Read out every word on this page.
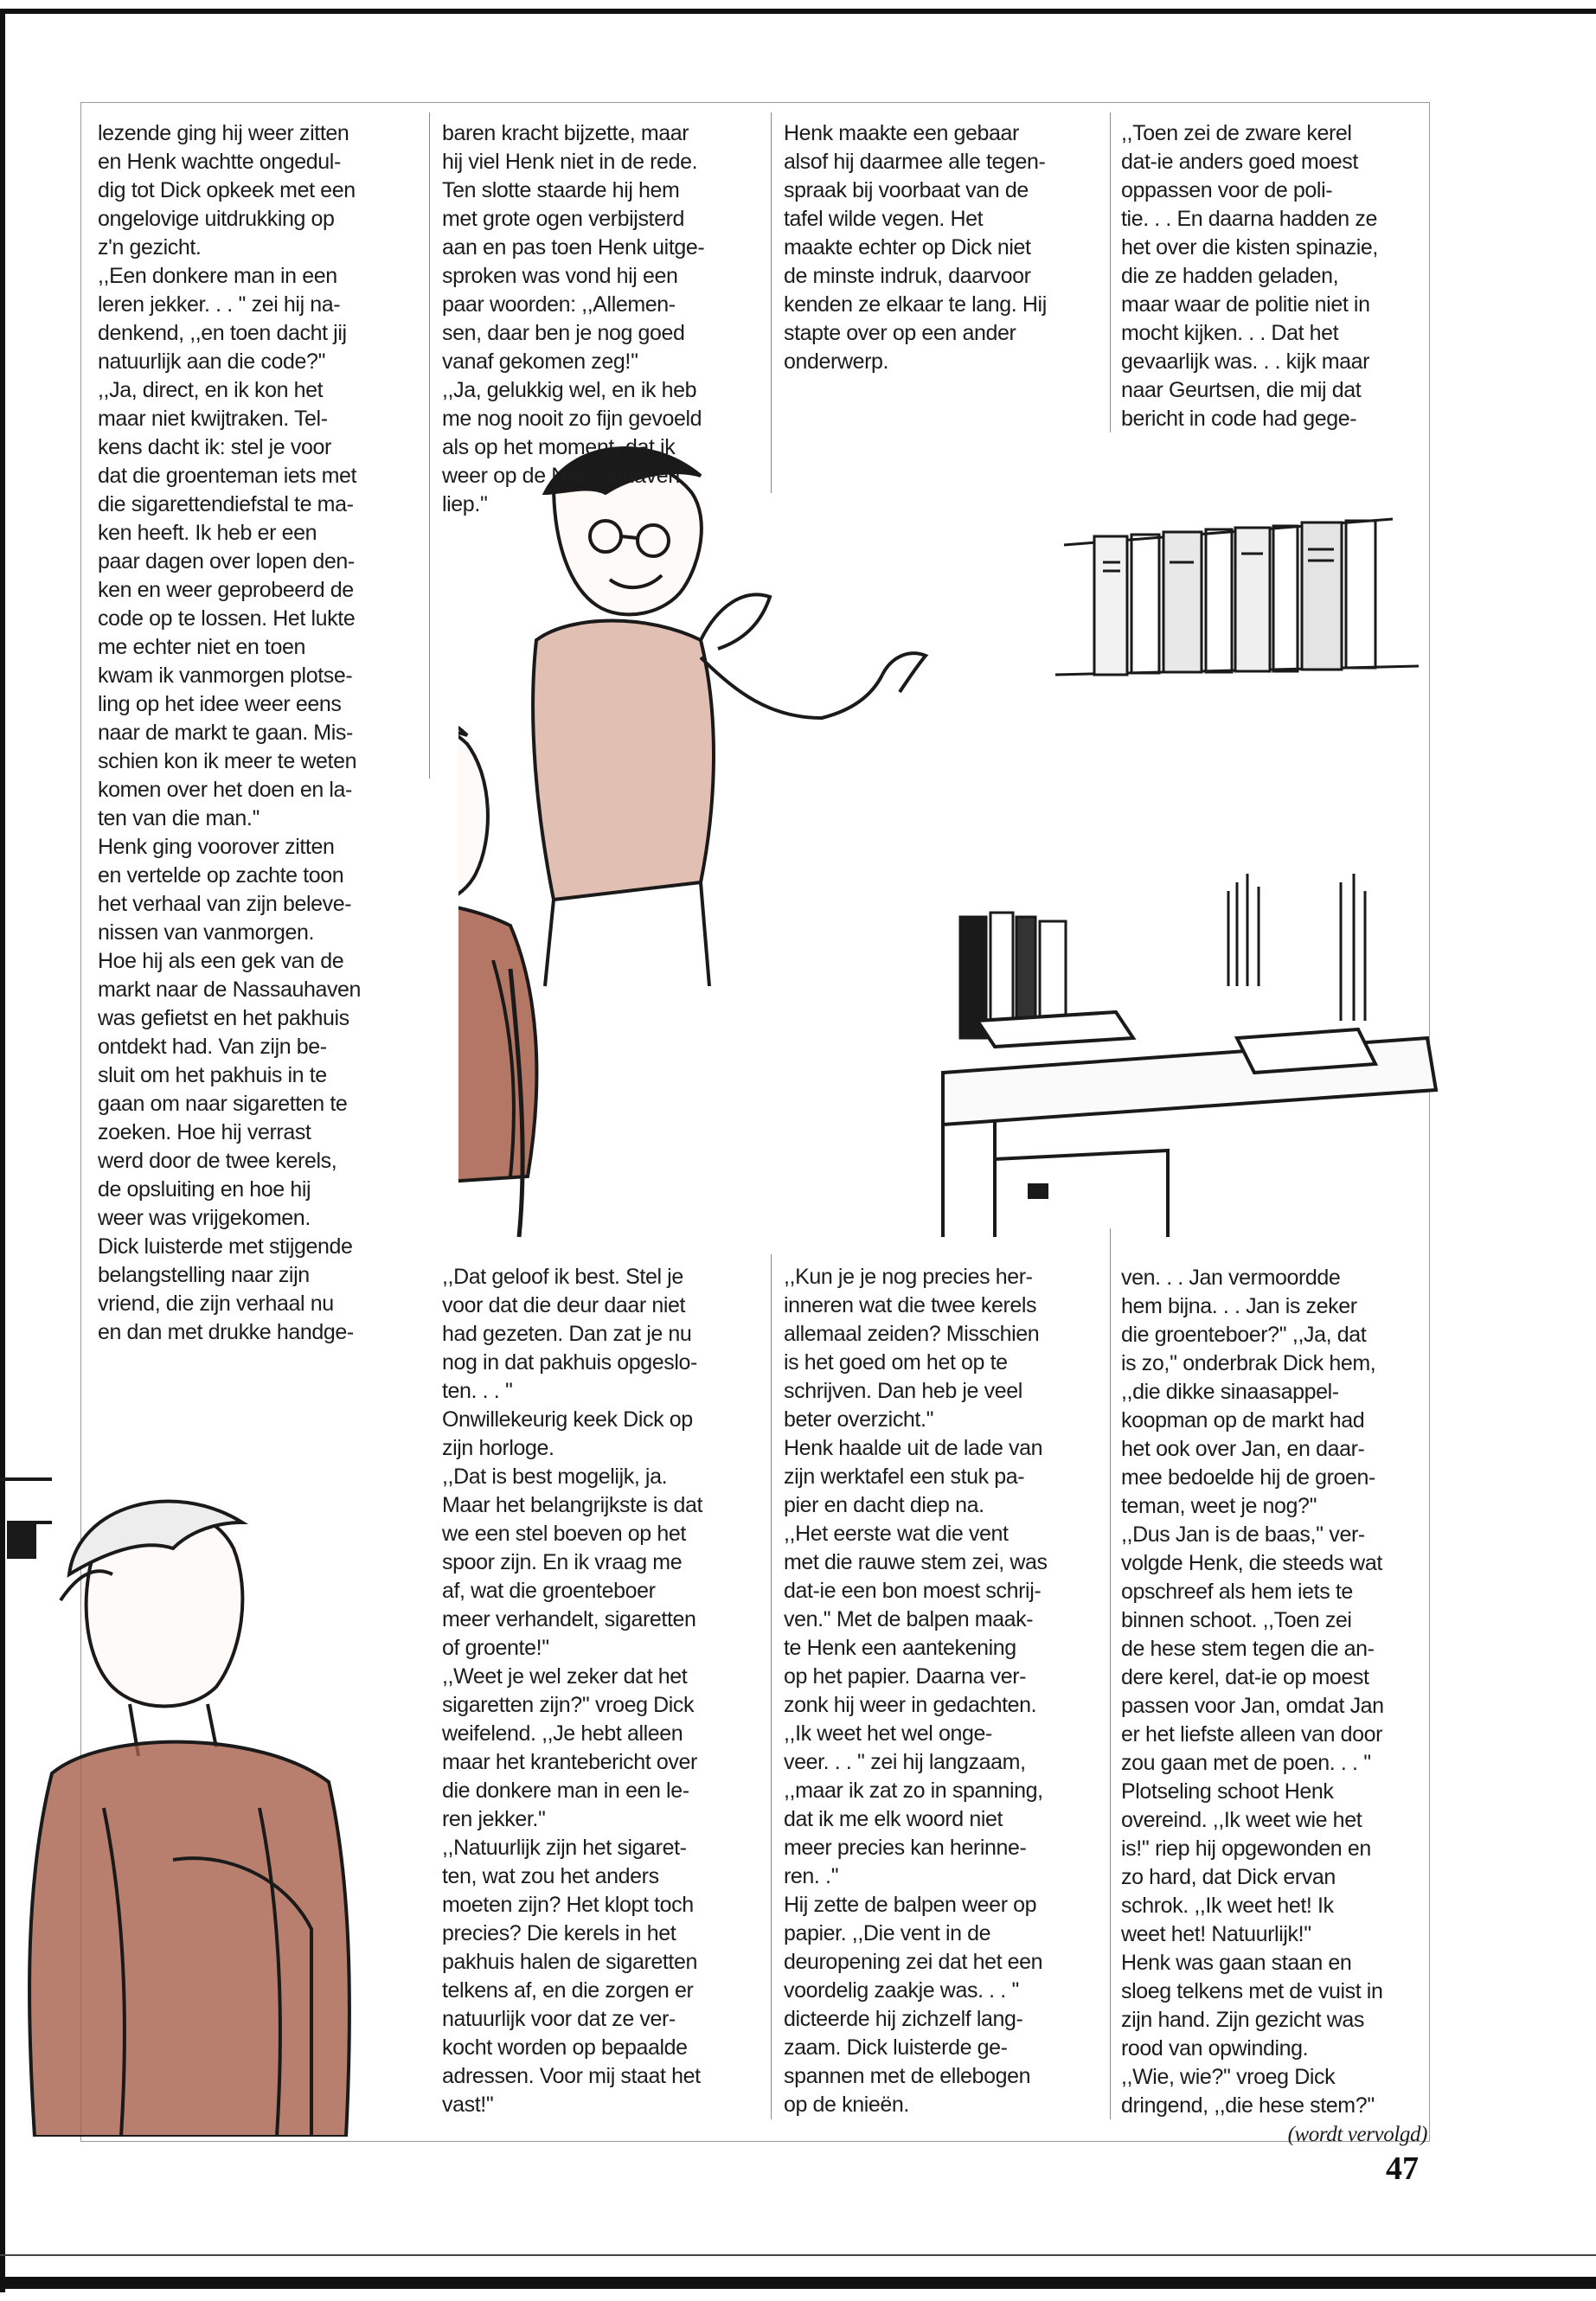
lezende ging hij weer zitten
en Henk wachtte ongedul-
dig tot Dick opkeek met een
ongelovige uitdrukking op
z'n gezicht.
,,Een donkere man in een
leren jekker. . . '' zei hij na-
denkend, ,,en toen dacht jij
natuurlijk aan die code?''
,,Ja, direct, en ik kon het
maar niet kwijtraken. Tel-
kens dacht ik: stel je voor
dat die groenteman iets met
die sigarettendiefstal te ma-
ken heeft. Ik heb er een
paar dagen over lopen den-
ken en weer geprobeerd de
code op te lossen. Het lukte
me echter niet en toen
kwam ik vanmorgen plotse-
ling op het idee weer eens
naar de markt te gaan. Mis-
schien kon ik meer te weten
komen over het doen en la-
ten van die man.''
Henk ging voorover zitten
en vertelde op zachte toon
het verhaal van zijn beleve-
nissen van vanmorgen.
Hoe hij als een gek van de
markt naar de Nassauhaven
was gefietst en het pakhuis
ontdekt had. Van zijn be-
sluit om het pakhuis in te
gaan om naar sigaretten te
zoeken. Hoe hij verrast
werd door de twee kerels,
de opsluiting en hoe hij
weer was vrijgekomen.
Dick luisterde met stijgende
belangstelling naar zijn
vriend, die zijn verhaal nu
en dan met drukke handge-
baren kracht bijzette, maar
hij viel Henk niet in de rede.
Ten slotte staarde hij hem
met grote ogen verbijsterd
aan en pas toen Henk uitge-
sproken was vond hij een
paar woorden: ,,Allemen-
sen, daar ben je nog goed
vanaf gekomen zeg!''
,,Ja, gelukkig wel, en ik heb
me nog nooit zo fijn gevoeld
als op het moment, dat ik
weer op de Nassauhaven
liep.''
Henk maakte een gebaar
alsof hij daarmee alle tegen-
spraak bij voorbaat van de
tafel wilde vegen. Het
maakte echter op Dick niet
de minste indruk, daarvoor
kenden ze elkaar te lang. Hij
stapte over op een ander
onderwerp.
,,Toen zei de zware kerel
dat-ie anders goed moest
oppassen voor de poli-
tie. . . En daarna hadden ze
het over die kisten spinazie,
die ze hadden geladen,
maar waar de politie niet in
mocht kijken. . . Dat het
gevaarlijk was. . . kijk maar
naar Geurtsen, die mij dat
bericht in code had gege-
,,Dat geloof ik best. Stel je
voor dat die deur daar niet
had gezeten. Dan zat je nu
nog in dat pakhuis opgeslo-
ten. . . ''
Onwillekeurig keek Dick op
zijn horloge.
,,Dat is best mogelijk, ja.
Maar het belangrijkste is dat
we een stel boeven op het
spoor zijn. En ik vraag me
af, wat die groenteboer
meer verhandelt, sigaretten
of groente!''
,,Weet je wel zeker dat het
sigaretten zijn?'' vroeg Dick
weifelend. ,,Je hebt alleen
maar het krantebericht over
die donkere man in een le-
ren jekker.''
,,Natuurlijk zijn het sigaret-
ten, wat zou het anders
moeten zijn? Het klopt toch
precies? Die kerels in het
pakhuis halen de sigaretten
telkens af, en die zorgen er
natuurlijk voor dat ze ver-
kocht worden op bepaalde
adressen. Voor mij staat het
vast!''
,,Kun je je nog precies her-
inneren wat die twee kerels
allemaal zeiden? Misschien
is het goed om het op te
schrijven. Dan heb je veel
beter overzicht.''
Henk haalde uit de lade van
zijn werktafel een stuk pa-
pier en dacht diep na.
,,Het eerste wat die vent
met die rauwe stem zei, was
dat-ie een bon moest schrij-
ven.'' Met de balpen maak-
te Henk een aantekening
op het papier. Daarna ver-
zonk hij weer in gedachten.
,,Ik weet het wel onge-
veer. . . '' zei hij langzaam,
,,maar ik zat zo in spanning,
dat ik me elk woord niet
meer precies kan herinne-
ren. .''
Hij zette de balpen weer op
papier. ,,Die vent in de
deuropening zei dat het een
voordelig zaakje was. . . ''
dicteerde hij zichzelf lang-
zaam. Dick luisterde ge-
spannen met de ellebogen
op de knieën.

ven. . . Jan vermoordde
hem bijna. . . Jan is zeker
die groenteboer?'' ,,Ja, dat
is zo,'' onderbrak Dick hem,
,,die dikke sinaasappel-
koopman op de markt had
het ook over Jan, en daar-
mee bedoelde hij de groen-
teman, weet je nog?''
,,Dus Jan is de baas,'' ver-
volgde Henk, die steeds wat
opschreef als hem iets te
binnen schoot. ,,Toen zei
de hese stem tegen die an-
dere kerel, dat-ie op moest
passen voor Jan, omdat Jan
er het liefste alleen van door
zou gaan met de poen. . . ''
Plotseling schoot Henk
overeind. ,,Ik weet wie het
is!'' riep hij opgewonden en
zo hard, dat Dick ervan
schrok. ,,Ik weet het! Ik
weet het! Natuurlijk!''
Henk was gaan staan en
sloeg telkens met de vuist in
zijn hand. Zijn gezicht was
rood van opwinding.
,,Wie, wie?'' vroeg Dick
dringend, ,,die hese stem?''

(wordt vervolgd)

47
